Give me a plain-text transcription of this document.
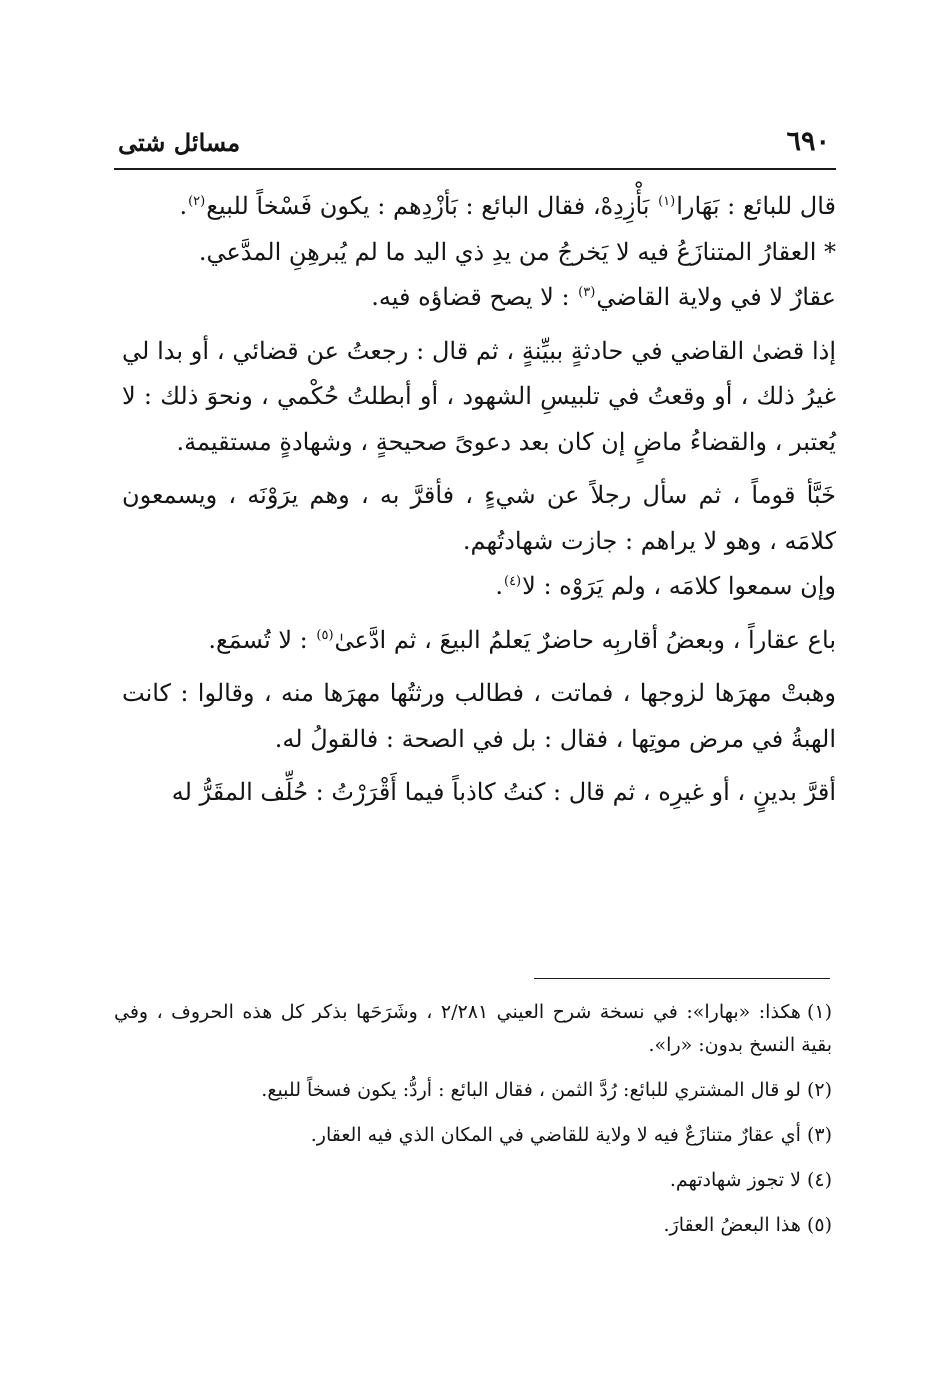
٦٩٠
مسائل شتى

قال للبائع : بَهَارا$^{(١)}$ بَأْزِدِهْ، فقال البائع : بَأزْدِهم : يكون فَسْخاً للبيع$^{(٢)}$.

* العقارُ المتنازَعُ فيه لا يَخرجُ من يدِ ذي اليد ما لم يُبرهِنِ المدَّعي.

عقارٌ لا في ولاية القاضي$^{(٣)}$ : لا يصح قضاؤه فيه.

إذا قضىٰ القاضي في حادثةٍ ببيِّنةٍ ، ثم قال : رجعتُ عن قضائي ، أو بدا لي غيرُ ذلك ، أو وقعتُ في تلبيسِ الشهود ، أو أبطلتُ حُكْمي ، ونحوَ ذلك : لا يُعتبر ، والقضاءُ ماضٍ إن كان بعد دعوىً صحيحةٍ ، وشهادةٍ مستقيمة.

خَبَّأ قوماً ، ثم سأل رجلاً عن شيءٍ ، فأقرَّ به ، وهم يرَوْنَه ، ويسمعون كلامَه ، وهو لا يراهم : جازت شهادتُهم.

وإن سمعوا كلامَه ، ولم يَرَوْه : لا$^{(٤)}$.

باع عقاراً ، وبعضُ أقاربِه حاضرٌ يَعلمُ البيعَ ، ثم ادَّعىٰ$^{(٥)}$ : لا تُسمَع.

وهبتْ مهرَها لزوجها ، فماتت ، فطالب ورثتُها مهرَها منه ، وقالوا : كانت الهبةُ في مرض موتِها ، فقال : بل في الصحة : فالقولُ له.

أقرَّ بدينٍ ، أو غيرِه ، ثم قال : كنتُ كاذباً فيما أَقْرَرْتُ : حُلِّف المقَرُّ له

(١)هكذا: «بهارا»: في نسخة شرح العيني ٢/٢٨١ ، وشَرَحَها بذكر كل هذه الحروف ، وفي بقية النسخ بدون: «را».

(٢)لو قال المشتري للبائع: رُدَّ الثمن ، فقال البائع : أردُّ: يكون فسخاً للبيع.

(٣)أي عقارٌ متنازَعٌ فيه لا ولاية للقاضي في المكان الذي فيه العقار.

(٤)لا تجوز شهادتهم.

(٥)هذا البعضُ العقارَ.
